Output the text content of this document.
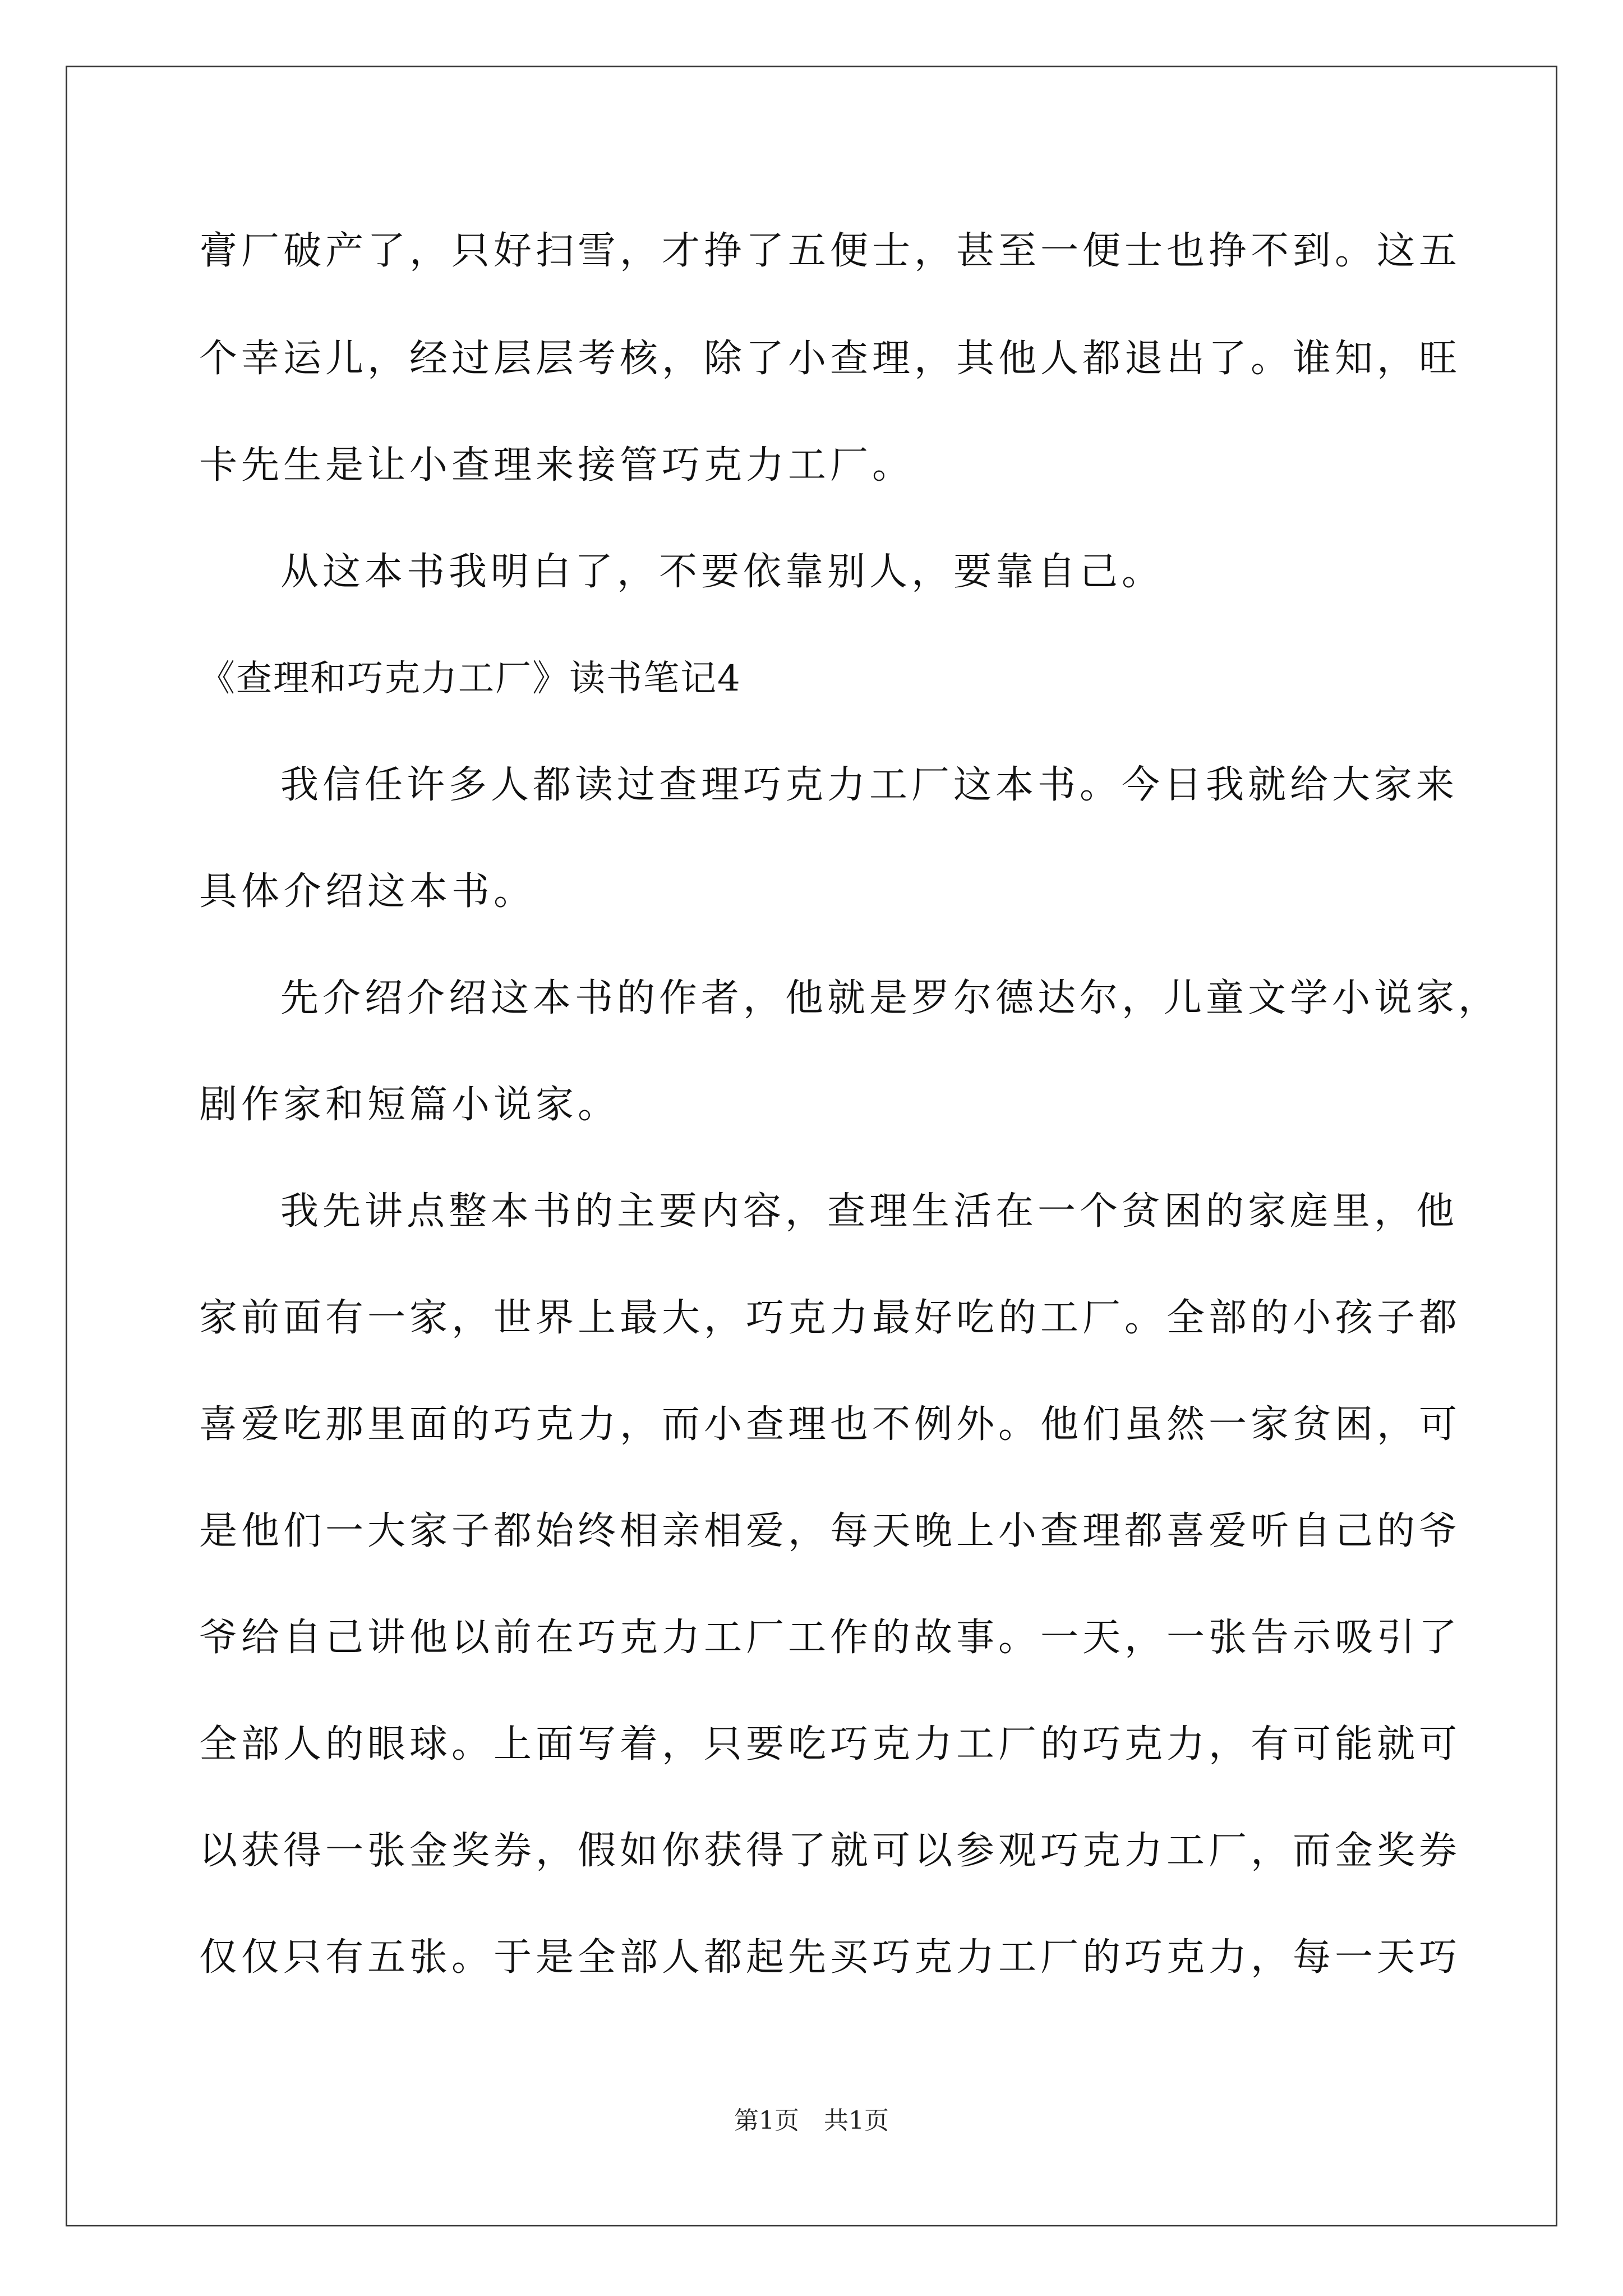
膏厂破产了，只好扫雪，才挣了五便士，甚至一便士也挣不到。这五
个幸运儿，经过层层考核，除了小查理，其他人都退出了。谁知，旺
卡先生是让小查理来接管巧克力工厂。
从这本书我明白了，不要依靠别人，要靠自己。
《查理和巧克力工厂》读书笔记4
我信任许多人都读过查理巧克力工厂这本书。今日我就给大家来
具体介绍这本书。
先介绍介绍这本书的作者，他就是罗尔德达尔，儿童文学小说家，
剧作家和短篇小说家。
我先讲点整本书的主要内容，查理生活在一个贫困的家庭里，他
家前面有一家，世界上最大，巧克力最好吃的工厂。全部的小孩子都
喜爱吃那里面的巧克力，而小查理也不例外。他们虽然一家贫困，可
是他们一大家子都始终相亲相爱，每天晚上小查理都喜爱听自己的爷
爷给自己讲他以前在巧克力工厂工作的故事。一天，一张告示吸引了
全部人的眼球。上面写着，只要吃巧克力工厂的巧克力，有可能就可
以获得一张金奖券，假如你获得了就可以参观巧克力工厂，而金奖券
仅仅只有五张。于是全部人都起先买巧克力工厂的巧克力，每一天巧
第1页　共1页
